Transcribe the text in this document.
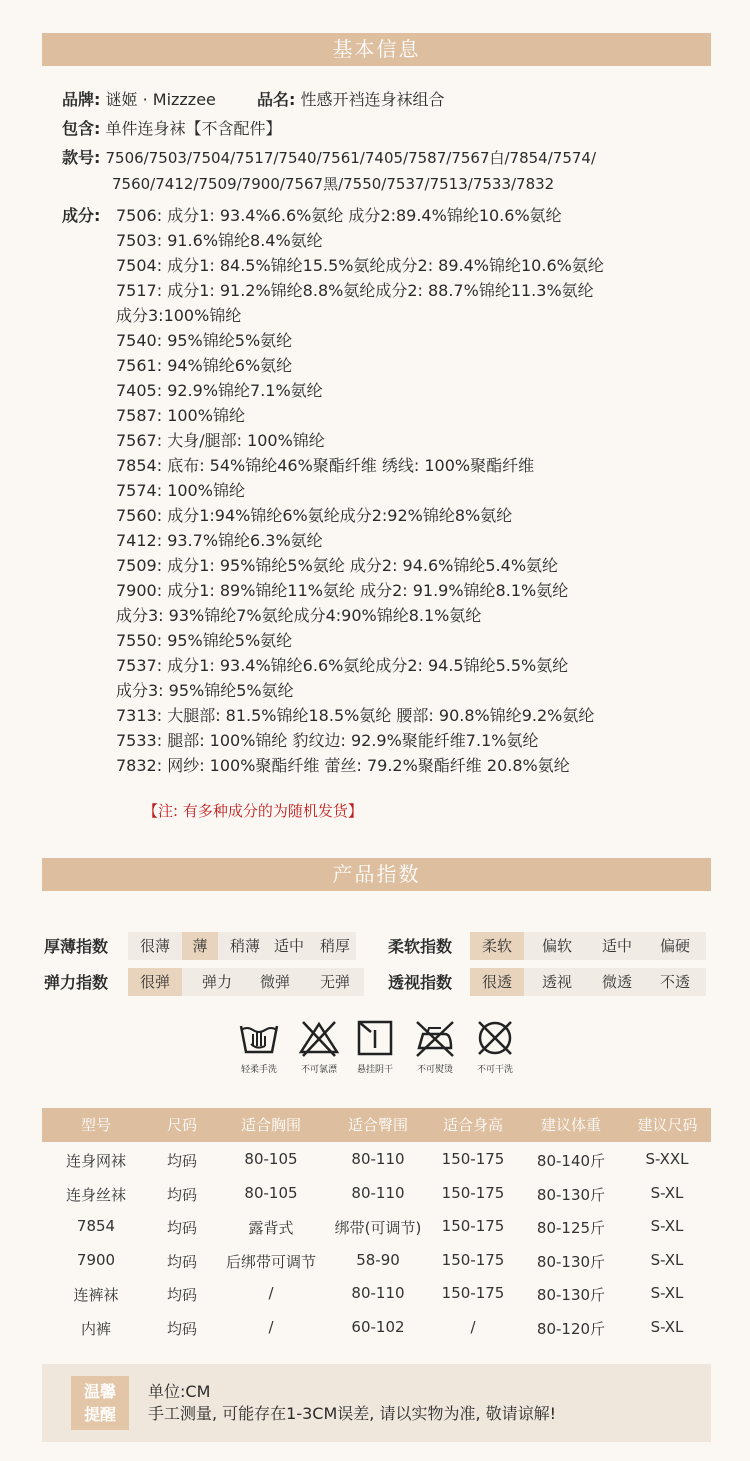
基本信息
品牌: 谜姬 · Mizzzee	品名: 性感开裆连身袜组合
包含: 单件连身袜【不含配件】
款号: 7506/7503/7504/7517/7540/7561/7405/7587/7567白/7854/7574/
7560/7412/7509/7900/7567黑/7550/7537/7513/7533/7832
成分: 7506: 成分1: 93.4%6.6%氨纶 成分2:89.4%锦纶10.6%氨纶
7503: 91.6%锦纶8.4%氨纶
7504: 成分1: 84.5%锦纶15.5%氨纶成分2: 89.4%锦纶10.6%氨纶
7517: 成分1: 91.2%锦纶8.8%氨纶成分2: 88.7%锦纶11.3%氨纶
成分3:100%锦纶
7540: 95%锦纶5%氨纶
7561: 94%锦纶6%氨纶
7405: 92.9%锦纶7.1%氨纶
7587: 100%锦纶
7567: 大身/腿部: 100%锦纶
7854: 底布: 54%锦纶46%聚酯纤维 绣线: 100%聚酯纤维
7574: 100%锦纶
7560: 成分1:94%锦纶6%氨纶成分2:92%锦纶8%氨纶
7412: 93.7%锦纶6.3%氨纶
7509: 成分1: 95%锦纶5%氨纶 成分2: 94.6%锦纶5.4%氨纶
7900: 成分1: 89%锦纶11%氨纶 成分2: 91.9%锦纶8.1%氨纶
成分3: 93%锦纶7%氨纶成分4:90%锦纶8.1%氨纶
7550: 95%锦纶5%氨纶
7537: 成分1: 93.4%锦纶6.6%氨纶成分2: 94.5锦纶5.5%氨纶
成分3: 95%锦纶5%氨纶
7313: 大腿部: 81.5%锦纶18.5%氨纶 腰部: 90.8%锦纶9.2%氨纶
7533: 腿部: 100%锦纶 豹纹边: 92.9%聚能纤维7.1%氨纶
7832: 网纱: 100%聚酯纤维 蕾丝: 79.2%聚酯纤维 20.8%氨纶
【注: 有多种成分的为随机发货】
产品指数
厚薄指数	很薄	薄	稍薄 适中	稍厚	柔软指数	柔软	偏软	适中	偏硬
弹力指数	很弹	弹力	微弹	无弹	透视指数	很透	透视	微透	不透
轻柔手洗	不可氯漂	悬挂阴干	不可熨烫	不可干洗
型号	尺码	适合胸围	适合臀围	适合身高	建议体重	建议尺码
连身网袜	均码	80-105	80-110	150-175	80-140斤	S-XXL
连身丝袜	均码	80-105	80-110	150-175	80-130斤	S-XL
7854	均码	露背式	绑带(可调节)	150-175	80-125斤	S-XL
7900	均码	后绑带可调节	58-90	150-175	80-130斤	S-XL
连裤袜	均码	/	80-110	150-175	80-130斤	S-XL
内裤	均码	/	60-102	/	80-120斤	S-XL
温馨
提醒
单位:CM
手工测量, 可能存在1-3CM误差, 请以实物为准, 敬请谅解!
